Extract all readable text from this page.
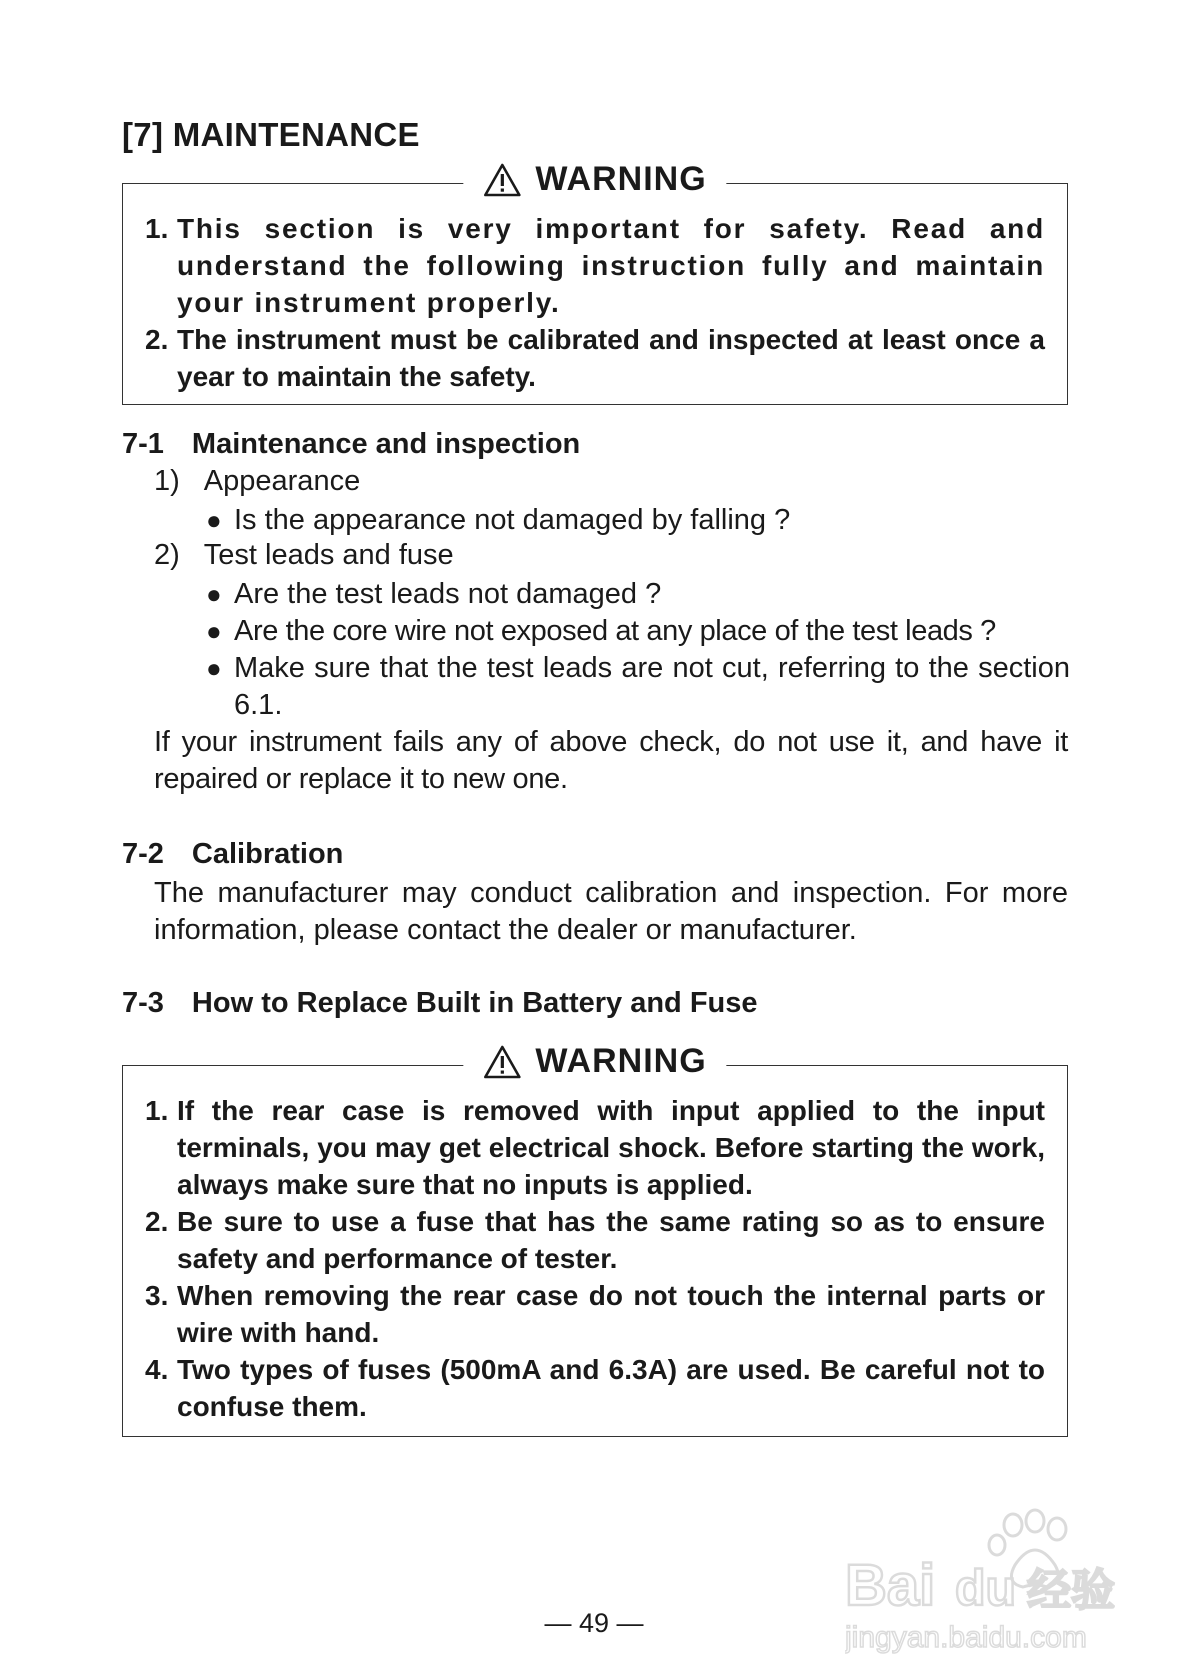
[7] MAINTENANCE
WARNING
1. This section is very important for safety. Read and understand the following instruction fully and maintain your instrument properly.
2. The instrument must be calibrated and inspected at least once a year to maintain the safety.
7-1 Maintenance and inspection
1) Appearance
● Is the appearance not damaged by falling ?
2) Test leads and fuse
● Are the test leads not damaged ?
● Are the core wire not exposed at any place of the test leads ?
● Make sure that the test leads are not cut, referring to the section 6.1.

If your instrument fails any of above check, do not use it, and have it repaired or replace it to new one.

7-2 Calibration

The manufacturer may conduct calibration and inspection. For more information, please contact the dealer or manufacturer.

7-3 How to Replace Built in Battery and Fuse
WARNING
1. If the rear case is removed with input applied to the input terminals, you may get electrical shock. Before starting the work, always make sure that no inputs is applied.
2. Be sure to use a fuse that has the same rating so as to ensure safety and performance of tester.
3. When removing the rear case do not touch the internal parts or wire with hand.
4. Two types of fuses (500mA and 6.3A) are used. Be careful not to confuse them.
— 49 —
Bai du 经验
jingyan.baidu.com
